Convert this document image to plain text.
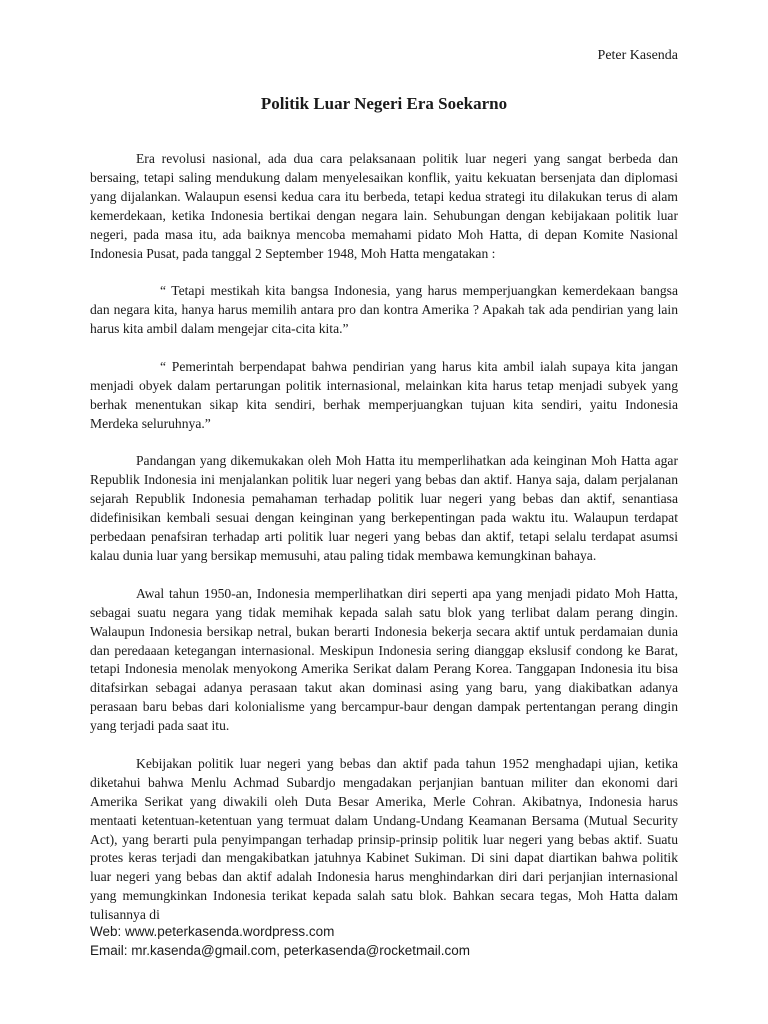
Peter Kasenda
Politik Luar Negeri Era Soekarno

Era revolusi nasional, ada dua cara pelaksanaan politik luar negeri yang sangat berbeda dan bersaing, tetapi saling mendukung dalam menyelesaikan konflik, yaitu kekuatan bersenjata dan diplomasi yang dijalankan. Walaupun esensi kedua cara itu berbeda, tetapi kedua strategi itu dilakukan terus di alam kemerdekaan, ketika Indonesia bertikai dengan negara lain. Sehubungan dengan kebijakaan politik luar negeri, pada masa itu, ada baiknya mencoba memahami pidato Moh Hatta, di depan Komite Nasional Indonesia Pusat, pada tanggal 2 September 1948, Moh Hatta mengatakan :

“ Tetapi mestikah kita bangsa Indonesia, yang harus memperjuangkan kemerdekaan bangsa dan negara kita, hanya harus memilih antara pro dan kontra Amerika ? Apakah tak ada pendirian yang lain harus kita ambil dalam mengejar cita-cita kita.”

“ Pemerintah berpendapat bahwa pendirian yang harus kita ambil ialah supaya kita jangan menjadi obyek dalam pertarungan politik internasional, melainkan kita harus tetap menjadi subyek yang berhak menentukan sikap kita sendiri, berhak memperjuangkan tujuan kita sendiri, yaitu Indonesia Merdeka seluruhnya.”

Pandangan yang dikemukakan oleh Moh Hatta itu memperlihatkan ada keinginan Moh Hatta agar Republik Indonesia ini menjalankan politik luar negeri yang bebas dan aktif. Hanya saja, dalam perjalanan sejarah Republik Indonesia pemahaman terhadap politik luar negeri yang bebas dan aktif, senantiasa didefinisikan kembali sesuai dengan keinginan yang berkepentingan pada waktu itu. Walaupun terdapat perbedaan penafsiran terhadap arti politik luar negeri yang bebas dan aktif, tetapi selalu terdapat asumsi kalau dunia luar yang bersikap memusuhi, atau paling tidak membawa kemungkinan bahaya.

Awal tahun 1950-an, Indonesia memperlihatkan diri seperti apa yang menjadi pidato Moh Hatta, sebagai suatu negara yang tidak memihak kepada salah satu blok yang terlibat dalam perang dingin. Walaupun Indonesia bersikap netral, bukan berarti Indonesia bekerja secara aktif untuk perdamaian dunia dan peredaaan ketegangan internasional. Meskipun Indonesia sering dianggap ekslusif condong ke Barat, tetapi Indonesia menolak menyokong Amerika Serikat dalam Perang Korea. Tanggapan Indonesia itu bisa ditafsirkan sebagai adanya perasaan takut akan dominasi asing yang baru, yang diakibatkan adanya perasaan baru bebas dari kolonialisme yang bercampur-baur dengan dampak pertentangan perang dingin yang terjadi pada saat itu.

Kebijakan politik luar negeri yang bebas dan aktif pada tahun 1952 menghadapi ujian, ketika diketahui bahwa Menlu Achmad Subardjo mengadakan perjanjian bantuan militer dan ekonomi dari Amerika Serikat yang diwakili oleh Duta Besar Amerika, Merle Cohran. Akibatnya, Indonesia harus mentaati ketentuan-ketentuan yang termuat dalam Undang-Undang Keamanan Bersama (Mutual Security Act), yang berarti pula penyimpangan terhadap prinsip-prinsip politik luar negeri yang bebas aktif. Suatu protes keras terjadi dan mengakibatkan jatuhnya Kabinet Sukiman. Di sini dapat diartikan bahwa politik luar negeri yang bebas dan aktif adalah Indonesia harus menghindarkan diri dari perjanjian internasional yang memungkinkan Indonesia terikat kepada salah satu blok. Bahkan secara tegas, Moh Hatta dalam tulisannya di

Web: www.peterkasenda.wordpress.com
Email: mr.kasenda@gmail.com, peterkasenda@rocketmail.com
